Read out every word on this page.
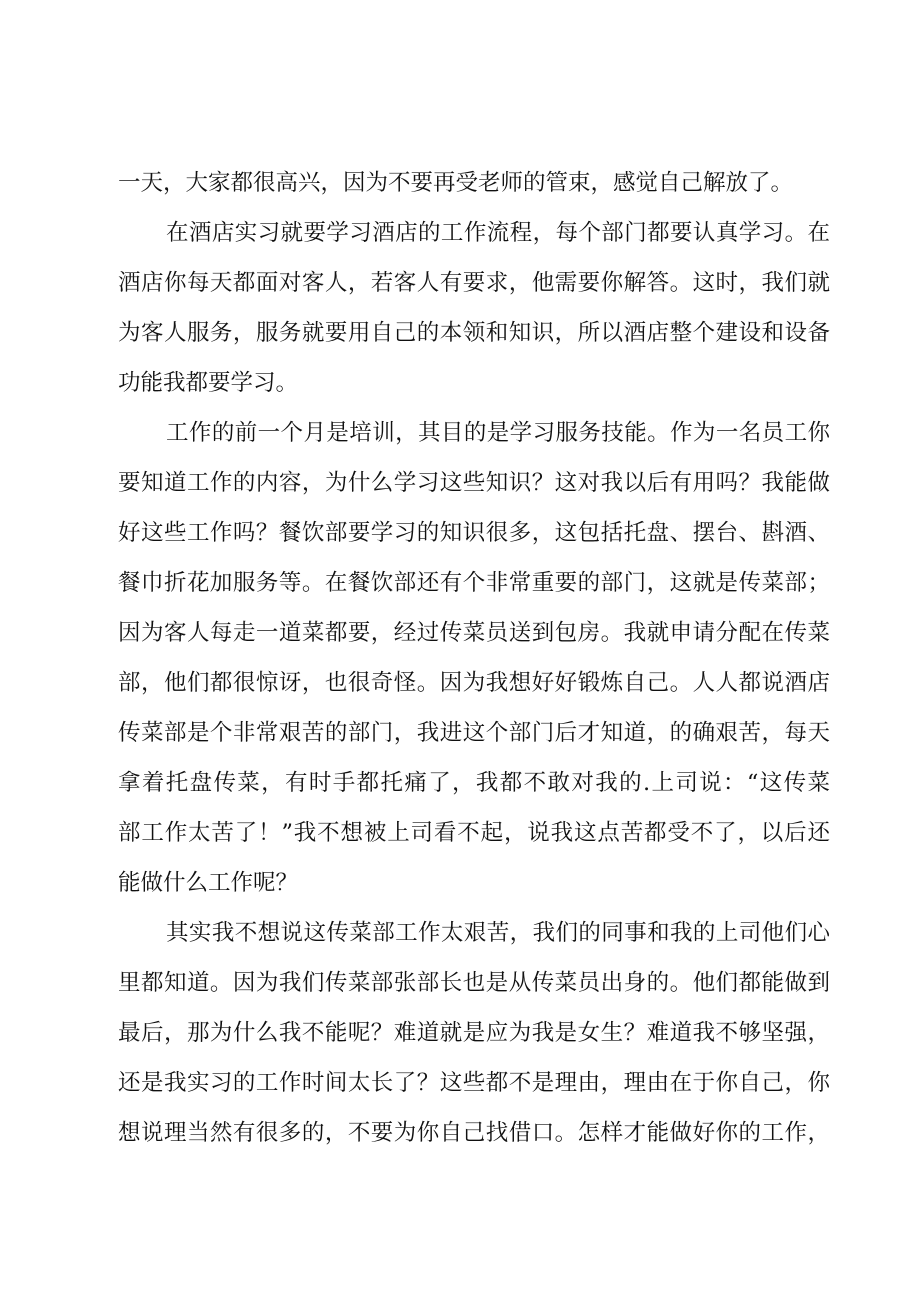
一天，大家都很高兴，因为不要再受老师的管束，感觉自己解放了。
在酒店实习就要学习酒店的工作流程，每个部门都要认真学习。在
酒店你每天都面对客人，若客人有要求，他需要你解答。这时，我们就
为客人服务，服务就要用自己的本领和知识，所以酒店整个建设和设备
功能我都要学习。
工作的前一个月是培训，其目的是学习服务技能。作为一名员工你
要知道工作的内容，为什么学习这些知识？这对我以后有用吗？我能做
好这些工作吗？餐饮部要学习的知识很多，这包括托盘、摆台、斟酒、
餐巾折花加服务等。在餐饮部还有个非常重要的部门，这就是传菜部；
因为客人每走一道菜都要，经过传菜员送到包房。我就申请分配在传菜
部，他们都很惊讶，也很奇怪。因为我想好好锻炼自己。人人都说酒店
传菜部是个非常艰苦的部门，我进这个部门后才知道，的确艰苦，每天
拿着托盘传菜，有时手都托痛了，我都不敢对我的.上司说：“这传菜
部工作太苦了！”我不想被上司看不起，说我这点苦都受不了，以后还
能做什么工作呢？
其实我不想说这传菜部工作太艰苦，我们的同事和我的上司他们心
里都知道。因为我们传菜部张部长也是从传菜员出身的。他们都能做到
最后，那为什么我不能呢？难道就是应为我是女生？难道我不够坚强，
还是我实习的工作时间太长了？这些都不是理由，理由在于你自己，你
想说理当然有很多的，不要为你自己找借口。怎样才能做好你的工作，
